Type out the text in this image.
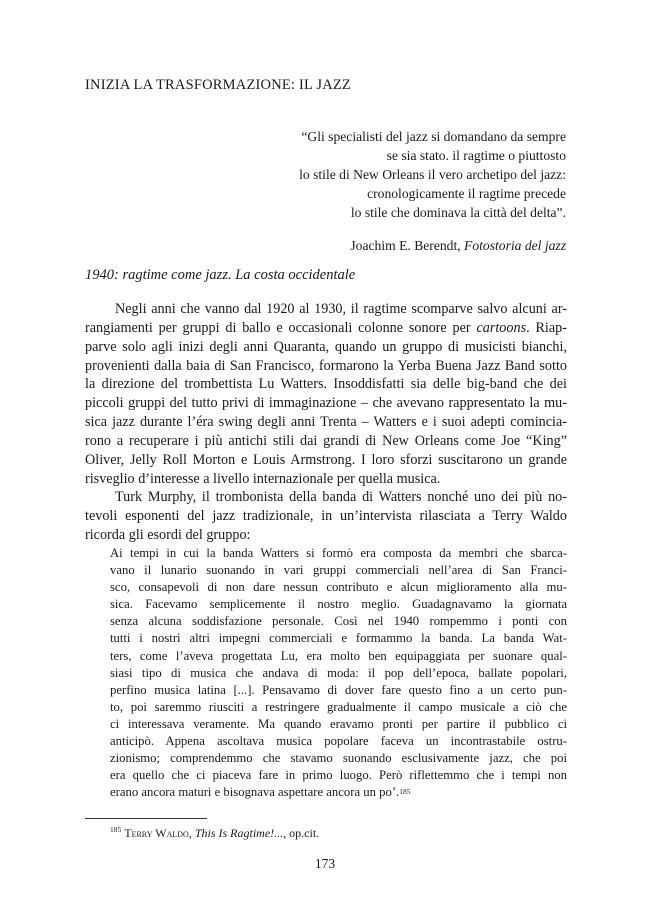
INIZIA LA TRASFORMAZIONE: IL JAZZ
“Gli specialisti del jazz si domandano da sempre
se sia stato. il ragtime o piuttosto
lo stile di New Orleans il vero archetipo del jazz:
cronologicamente il ragtime precede
lo stile che dominava la città del delta”.
Joachim E. Berendt, Fotostoria del jazz
1940: ragtime come jazz. La costa occidentale
Negli anni che vanno dal 1920 al 1930, il ragtime scomparve salvo alcuni ar-
rangiamenti per gruppi di ballo e occasionali colonne sonore per cartoons. Riap-
parve solo agli inizi degli anni Quaranta, quando un gruppo di musicisti bianchi,
provenienti dalla baia di San Francisco, formarono la Yerba Buena Jazz Band sotto
la direzione del trombettista Lu Watters. Insoddisfatti sia delle big-band che dei
piccoli gruppi del tutto privi di immaginazione – che avevano rappresentato la mu-
sica jazz durante l’éra swing degli anni Trenta – Watters e i suoi adepti comincia-
rono a recuperare i più antichi stili dai grandi di New Orleans come Joe “King”
Oliver, Jelly Roll Morton e Louis Armstrong. I loro sforzi suscitarono un grande
risveglio d’interesse a livello internazionale per quella musica.
Turk Murphy, il trombonista della banda di Watters nonché uno dei più no-
tevoli esponenti del jazz tradizionale, in un’intervista rilasciata a Terry Waldo
ricorda gli esordi del gruppo:
Ai tempi in cui la banda Watters si formò era composta da membri che sbarca-
vano il lunario suonando in vari gruppi commerciali nell’area di San Franci-
sco, consapevoli di non dare nessun contributo e alcun miglioramento alla mu-
sica. Facevamo semplicemente il nostro meglio. Guadagnavamo la giornata
senza alcuna soddisfazione personale. Così nel 1940 rompemmo i ponti con
tutti i nostri altri impegni commerciali e formammo la banda. La banda Wat-
ters, come l’aveva progettata Lu, era molto ben equipaggiata per suonare qual-
siasi tipo di musica che andava di moda: il pop dell’epoca, ballate popolari,
perfino musica latina [...]. Pensavamo di dover fare questo fino a un certo pun-
to, poi saremmo riusciti a restringere gradualmente il campo musicale a ciò che
ci interessava veramente. Ma quando eravamo pronti per partire il pubblico ci
anticipò. Appena ascoltava musica popolare faceva un incontrastabile ostru-
zionismo; comprendemmo che stavamo suonando esclusivamente jazz, che poi
era quello che ci piaceva fare in primo luogo. Però riflettemmo che i tempi non
erano ancora maturi e bisognava aspettare ancora un po’.$^{185}$
$^{185}$ Terry Waldo, This Is Ragtime!..., op.cit.
173
